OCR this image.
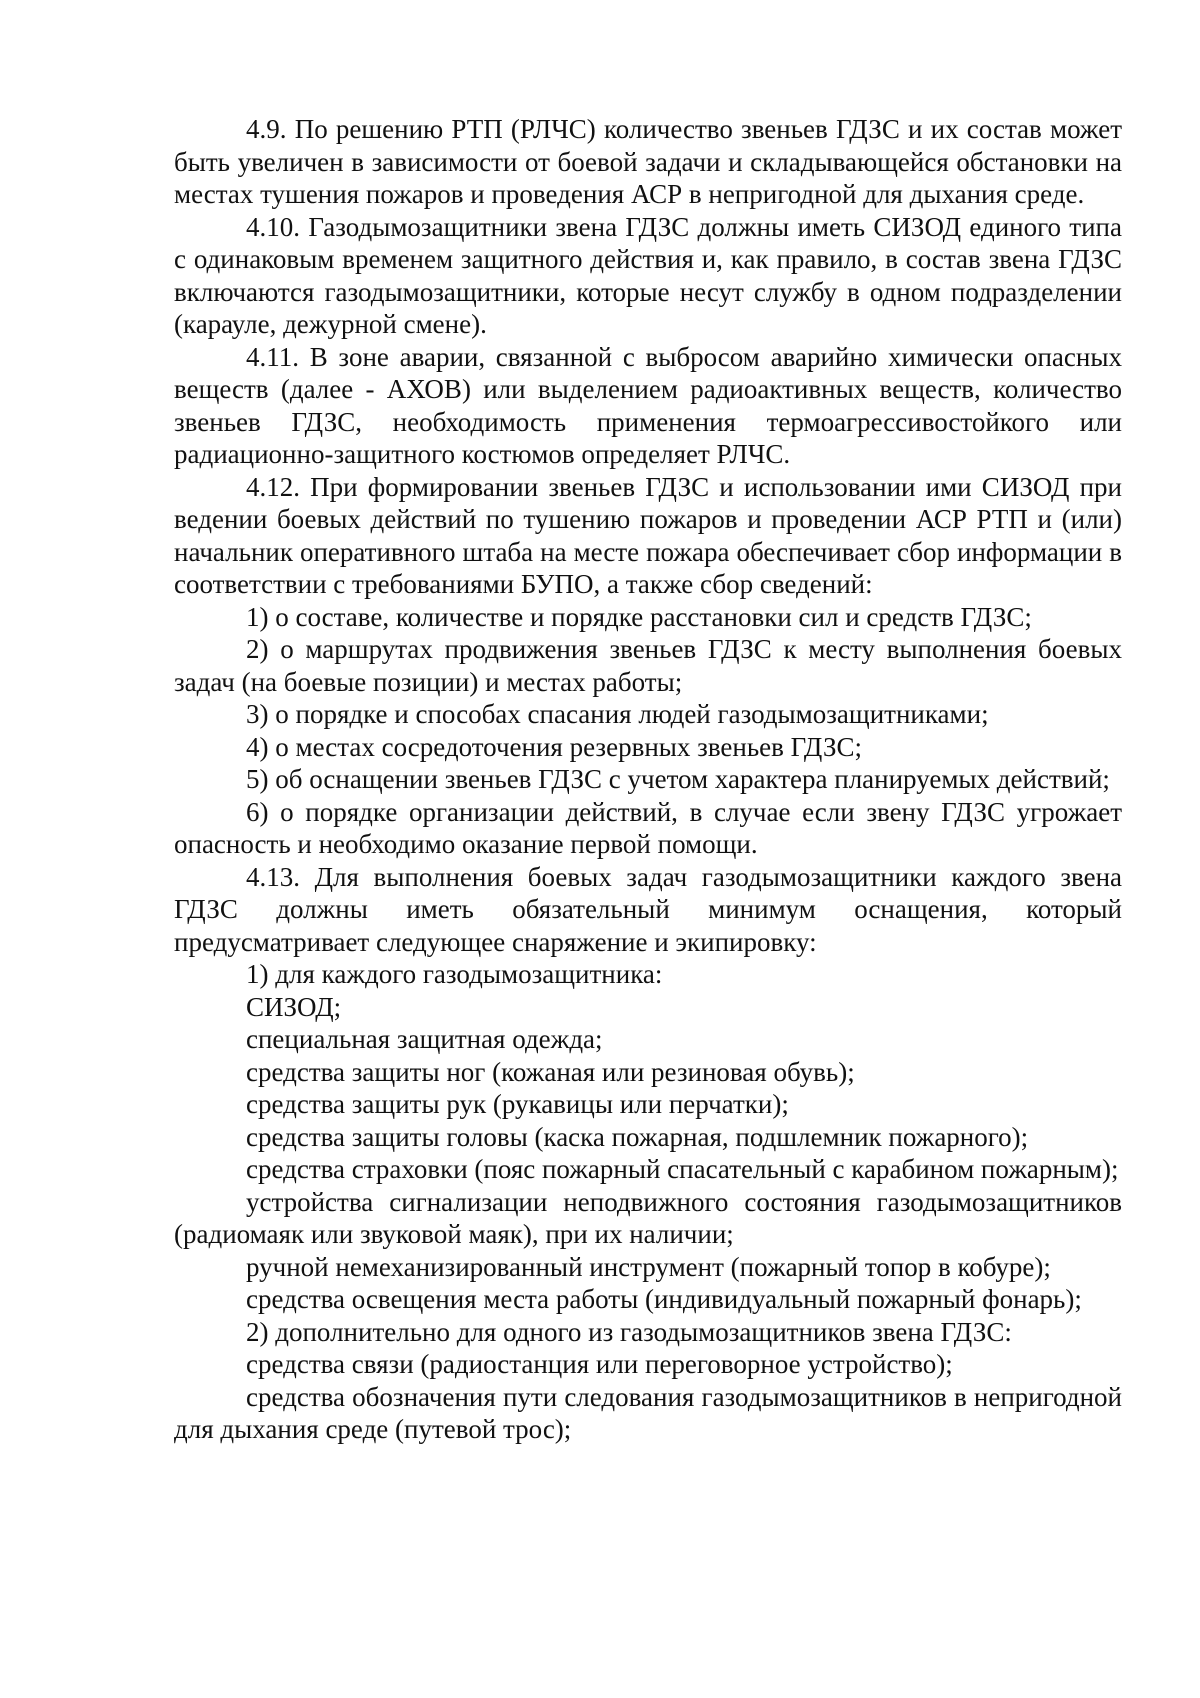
4.9. По решению РТП (РЛЧС) количество звеньев ГДЗС и их состав может быть увеличен в зависимости от боевой задачи и складывающейся обстановки на местах тушения пожаров и проведения АСР в непригодной для дыхания среде.

4.10. Газодымозащитники звена ГДЗС должны иметь СИЗОД единого типа с одинаковым временем защитного действия и, как правило, в состав звена ГДЗС включаются газодымозащитники, которые несут службу в одном подразделении (карауле, дежурной смене).

4.11. В зоне аварии, связанной с выбросом аварийно химически опасных веществ (далее - АХОВ) или выделением радиоактивных веществ, количество звеньев ГДЗС, необходимость применения термоагрессивостойкого или радиационно-защитного костюмов определяет РЛЧС.

4.12. При формировании звеньев ГДЗС и использовании ими СИЗОД при ведении боевых действий по тушению пожаров и проведении АСР РТП и (или) начальник оперативного штаба на месте пожара обеспечивает сбор информации в соответствии с требованиями БУПО, а также сбор сведений:

1) о составе, количестве и порядке расстановки сил и средств ГДЗС;

2) о маршрутах продвижения звеньев ГДЗС к месту выполнения боевых задач (на боевые позиции) и местах работы;

3) о порядке и способах спасания людей газодымозащитниками;

4) о местах сосредоточения резервных звеньев ГДЗС;

5) об оснащении звеньев ГДЗС с учетом характера планируемых действий;

6) о порядке организации действий, в случае если звену ГДЗС угрожает опасность и необходимо оказание первой помощи.

4.13. Для выполнения боевых задач газодымозащитники каждого звена ГДЗС должны иметь обязательный минимум оснащения, который предусматривает следующее снаряжение и экипировку:

1) для каждого газодымозащитника:

СИЗОД;

специальная защитная одежда;

средства защиты ног (кожаная или резиновая обувь);

средства защиты рук (рукавицы или перчатки);

средства защиты головы (каска пожарная, подшлемник пожарного);

средства страховки (пояс пожарный спасательный с карабином пожарным);

устройства сигнализации неподвижного состояния газодымозащитников (радиомаяк или звуковой маяк), при их наличии;

ручной немеханизированный инструмент (пожарный топор в кобуре);

средства освещения места работы (индивидуальный пожарный фонарь);

2) дополнительно для одного из газодымозащитников звена ГДЗС:

средства связи (радиостанция или переговорное устройство);

средства обозначения пути следования газодымозащитников в непригодной для дыхания среде (путевой трос);
